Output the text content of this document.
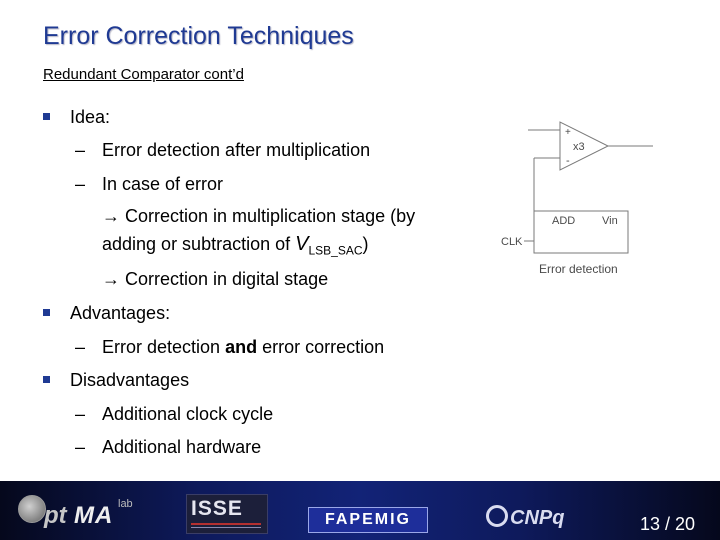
Error Correction Techniques
Redundant Comparator cont’d
Idea:
– Error detection after multiplication
– In case of error
→ Correction in multiplication stage (by
adding or subtraction of $V_{LSB\_SAC}$)
→ Correction in digital stage
Advantages:
– Error detection and error correction
Disadvantages
– Additional clock cycle
– Additional hardware
+
-
x3
ADD Vin
CLK
Error detection
pt MA lab	ISSE	FAPEMIG	CNPq	13 / 20
